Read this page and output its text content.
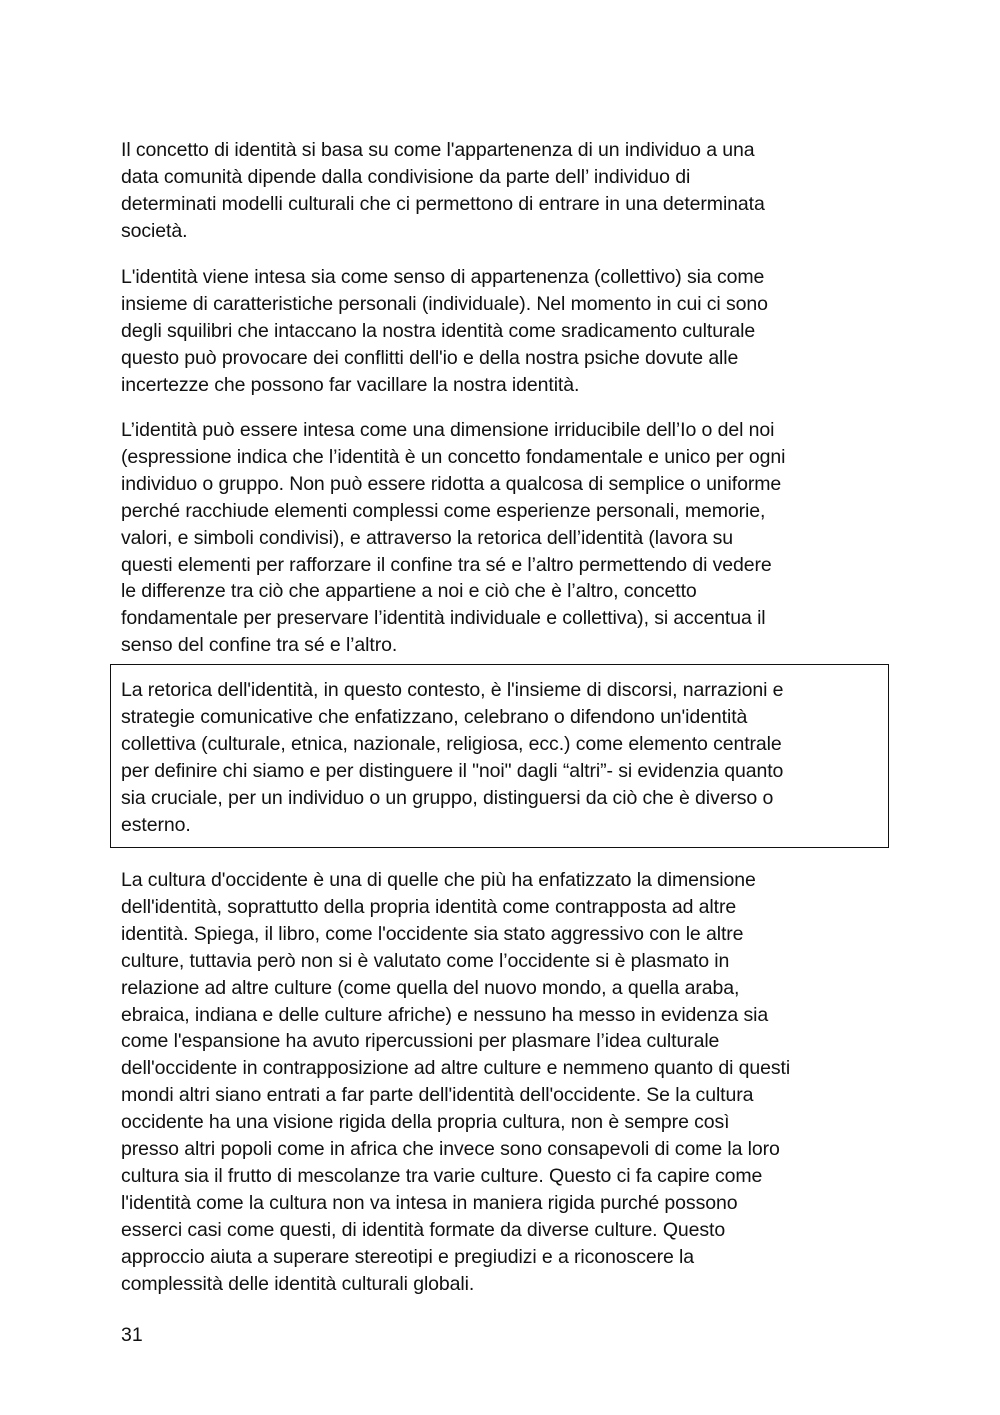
Il concetto di identità si basa su come l'appartenenza di un individuo a una
data comunità dipende dalla condivisione da parte dell’ individuo di
determinati modelli culturali che ci permettono di entrare in una determinata
società.
L'identità viene intesa sia come senso di appartenenza (collettivo) sia come
insieme di caratteristiche personali (individuale). Nel momento in cui ci sono
degli squilibri che intaccano la nostra identità come sradicamento culturale
questo può provocare dei conflitti dell'io e della nostra psiche dovute alle
incertezze che possono far vacillare la nostra identità.
L’identità può essere intesa come una dimensione irriducibile dell’Io o del noi
(espressione indica che l’identità è un concetto fondamentale e unico per ogni
individuo o gruppo. Non può essere ridotta a qualcosa di semplice o uniforme
perché racchiude elementi complessi come esperienze personali, memorie,
valori, e simboli condivisi), e attraverso la retorica dell’identità (lavora su
questi elementi per rafforzare il confine tra sé e l’altro permettendo di vedere
le differenze tra ciò che appartiene a noi e ciò che è l’altro, concetto
fondamentale per preservare l’identità individuale e collettiva), si accentua il
senso del confine tra sé e l’altro.
La retorica dell'identità, in questo contesto, è l'insieme di discorsi, narrazioni e
strategie comunicative che enfatizzano, celebrano o difendono un'identità
collettiva (culturale, etnica, nazionale, religiosa, ecc.) come elemento centrale
per definire chi siamo e per distinguere il "noi" dagli “altri”- si evidenzia quanto
sia cruciale, per un individuo o un gruppo, distinguersi da ciò che è diverso o
esterno.
La cultura d'occidente è una di quelle che più ha enfatizzato la dimensione
dell'identità, soprattutto della propria identità come contrapposta ad altre
identità. Spiega, il libro, come l'occidente sia stato aggressivo con le altre
culture, tuttavia però non si è valutato come l’occidente si è plasmato in
relazione ad altre culture (come quella del nuovo mondo, a quella araba,
ebraica, indiana e delle culture afriche) e nessuno ha messo in evidenza sia
come l'espansione ha avuto ripercussioni per plasmare l’idea culturale
dell'occidente in contrapposizione ad altre culture e nemmeno quanto di questi
mondi altri siano entrati a far parte dell'identità dell'occidente. Se la cultura
occidente ha una visione rigida della propria cultura, non è sempre così
presso altri popoli come in africa che invece sono consapevoli di come la loro
cultura sia il frutto di mescolanze tra varie culture. Questo ci fa capire come
l'identità come la cultura non va intesa in maniera rigida purché possono
esserci casi come questi, di identità formate da diverse culture. Questo
approccio aiuta a superare stereotipi e pregiudizi e a riconoscere la
complessità delle identità culturali globali.
31
